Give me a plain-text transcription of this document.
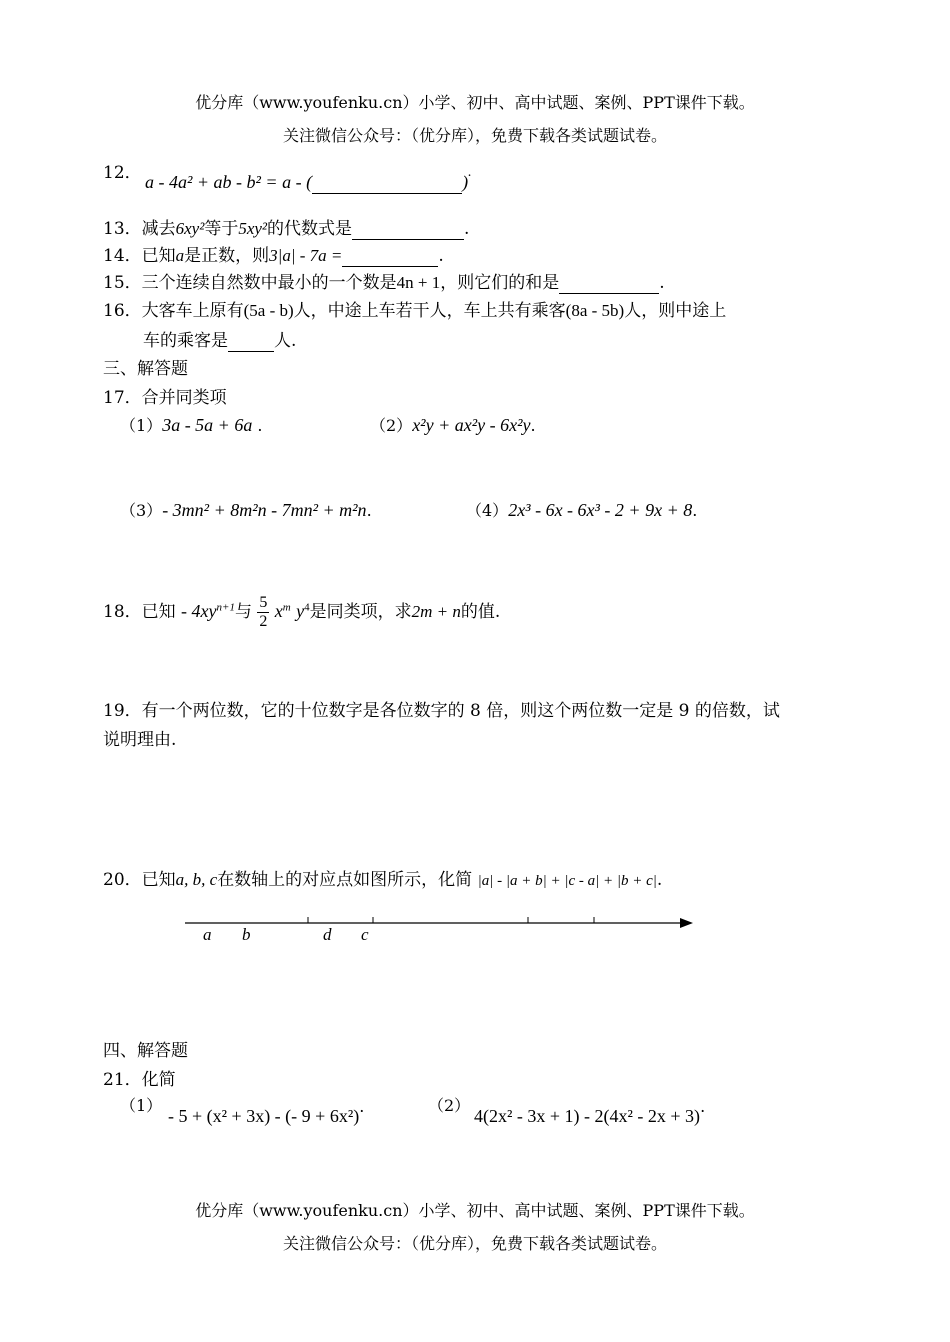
优分库（www.youfenku.cn）小学、初中、高中试题、案例、PPT课件下载。
关注微信公众号：（优分库），免费下载各类试题试卷。
12． a - 4a² + ab - b² = a - (	).
13．减去6xy²等于5xy²的代数式是	.
14．已知a是正数，则3|a| - 7a =	.
15．三个连续自然数中最小的一个数是4n + 1，则它们的和是	.
16．大客车上原有(5a - b)人，中途上车若干人，车上共有乘客(8a - 5b)人，则中途上
车的乘客是	人.
三、解答题
17．合并同类项
（1）3a - 5a + 6a .	（2）x²y + ax²y - 6x²y.
（3）- 3mn² + 8m²n - 7mn² + m²n.	（4）2x³ - 6x - 6x³ - 2 + 9x + 8.
18．已知 - $4xy^{n+1}$与 $\frac{5}{2} x^m$ $y^4$是同类项，求2m + n的值.
19．有一个两位数，它的十位数字是各位数字的 8 倍，则这个两位数一定是 9 的倍数，试
说明理由.
20．已知a, b, c在数轴上的对应点如图所示，化简 |a| - |a + b| + |c - a| + |b + c|.
a b	d c
四、解答题
21．化简
（1）
- 5 + (x² + 3x) - (- 9 + 6x²).	（2）
4(2x² - 3x + 1) - 2(4x² - 2x + 3).
优分库（www.youfenku.cn）小学、初中、高中试题、案例、PPT课件下载。
关注微信公众号：（优分库），免费下载各类试题试卷。
